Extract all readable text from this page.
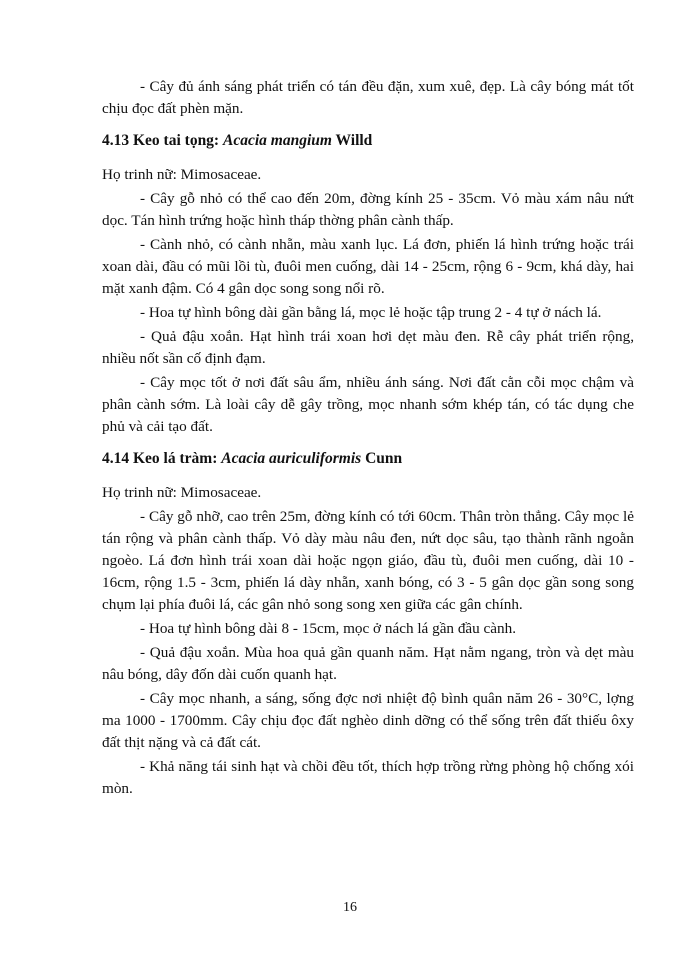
- Cây đủ ánh sáng phát triển có tán đều đặn, xum xuê, đẹp. Là cây bóng mát tốt chịu đọc đất phèn mặn.

4.13 Keo tai tọng: Acacia mangium Willd

Họ trinh nữ: Mimosaceae.

- Cây gỗ nhỏ có thể cao đến 20m, đờng kính 25 - 35cm. Vỏ màu xám nâu nứt dọc. Tán hình trứng hoặc hình tháp thờng phân cành thấp.

- Cành nhỏ, có cành nhẵn, màu xanh lục. Lá đơn, phiến lá hình trứng hoặc trái xoan dài, đầu có mũi lồi tù, đuôi men cuống, dài 14 - 25cm, rộng 6 - 9cm, khá dày, hai mặt xanh đậm. Có 4 gân dọc song song nổi rõ.

- Hoa tự hình bông dài gần bằng lá, mọc lẻ hoặc tập trung 2 - 4 tự ở nách lá.

- Quả đậu xoắn. Hạt hình trái xoan hơi dẹt màu đen. Rễ cây phát triển rộng, nhiều nốt sần cố định đạm.

- Cây mọc tốt ở nơi đất sâu ẩm, nhiều ánh sáng. Nơi đất cằn cỗi mọc chậm và phân cành sớm. Là loài cây dễ gây trồng, mọc nhanh sớm khép tán, có tác dụng che phủ và cải tạo đất.

4.14 Keo lá tràm: Acacia auriculiformis Cunn

Họ trinh nữ: Mimosaceae.

- Cây gỗ nhỡ, cao trên 25m, đờng kính có tới 60cm. Thân tròn thẳng. Cây mọc lẻ tán rộng và phân cành thấp. Vỏ dày màu nâu đen, nứt dọc sâu, tạo thành rãnh ngoằn ngoèo. Lá đơn hình trái xoan dài hoặc ngọn giáo, đầu tù, đuôi men cuống, dài 10 - 16cm, rộng 1.5 - 3cm, phiến lá dày nhẵn, xanh bóng, có 3 - 5 gân dọc gần song song chụm lại phía đuôi lá, các gân nhỏ song song xen giữa các gân chính.

- Hoa tự hình bông dài 8 - 15cm, mọc ở nách lá gần đầu cành.

- Quả đậu xoắn. Mùa hoa quả gần quanh năm. Hạt nằm ngang, tròn và dẹt màu nâu bóng, dây đốn dài cuốn quanh hạt.

- Cây mọc nhanh, a sáng, sống đợc nơi nhiệt độ bình quân năm 26 - 30°C, lợng ma 1000 - 1700mm. Cây chịu đọc đất nghèo dinh dỡng có thể sống trên đất thiếu ôxy đất thịt nặng và cả đất cát.

- Khả năng tái sinh hạt và chồi đều tốt, thích hợp trồng rừng phòng hộ chống xói mòn.

16
